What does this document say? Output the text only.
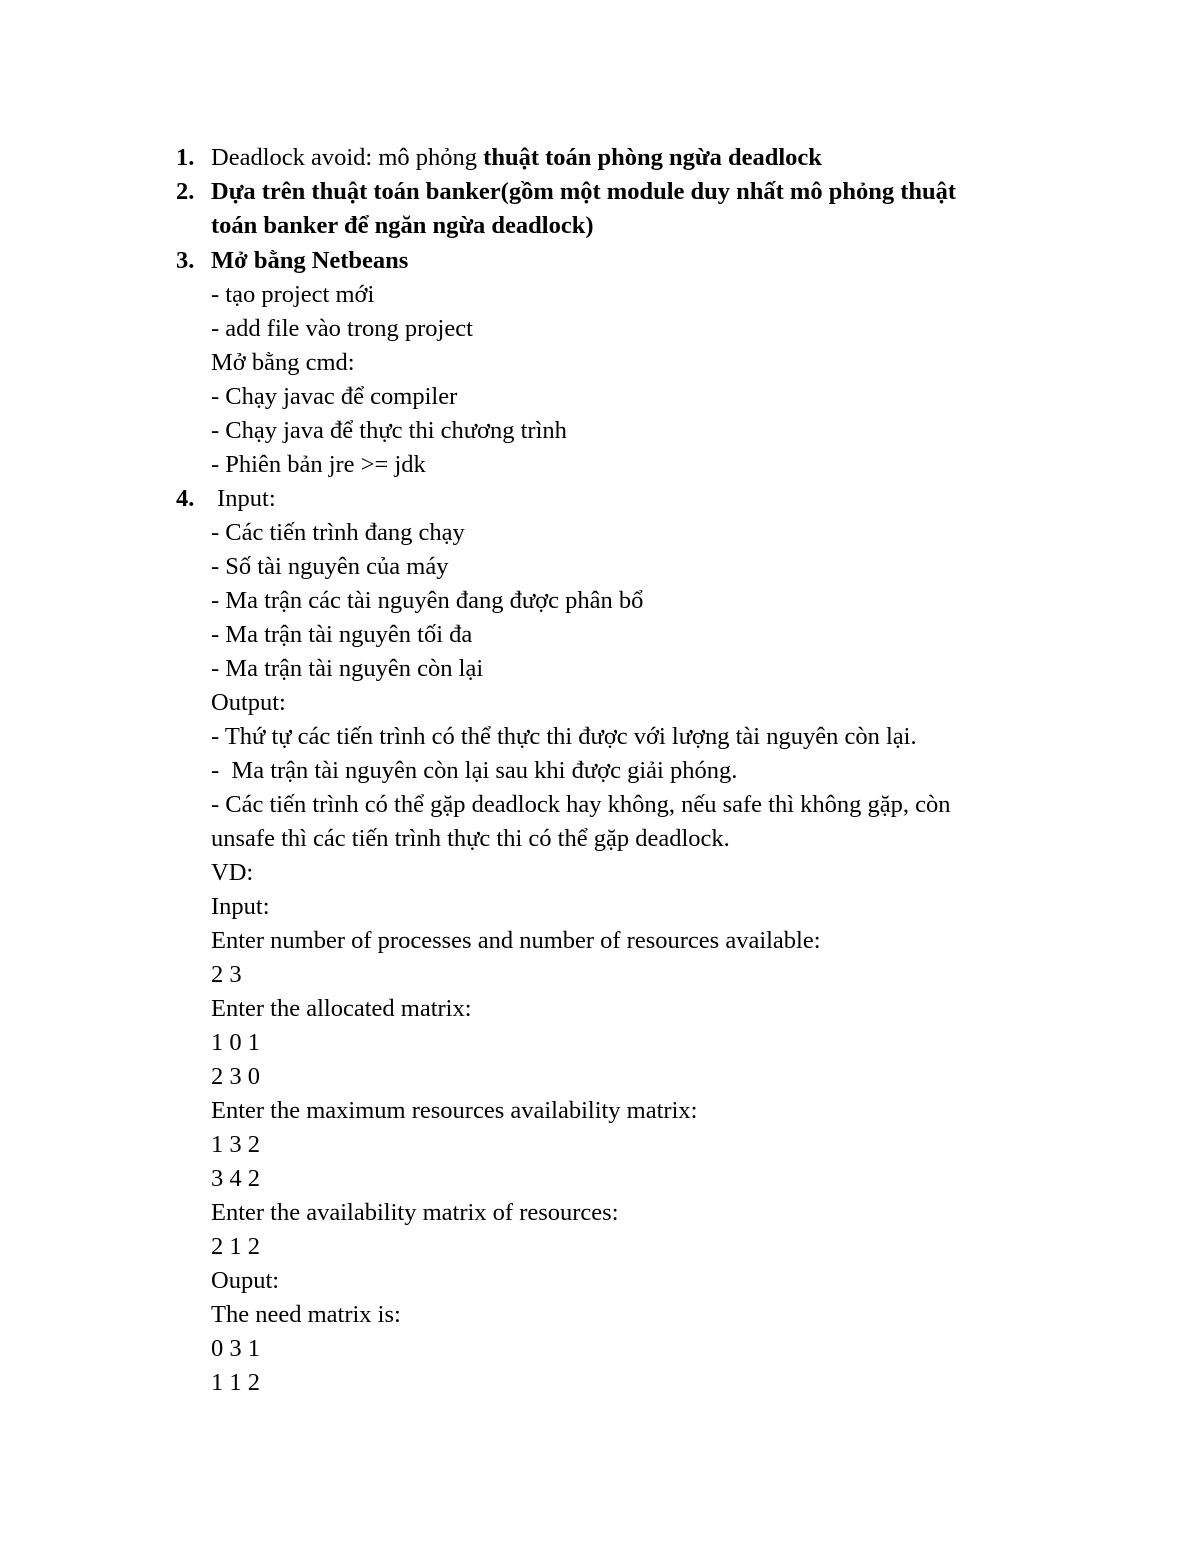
1. Deadlock avoid: mô phỏng thuật toán phòng ngừa deadlock
2. Dựa trên thuật toán banker(gồm một module duy nhất mô phỏng thuật
toán banker để ngăn ngừa deadlock)
3. Mở bằng Netbeans
- tạo project mới
- add file vào trong project
Mở bằng cmd:
- Chạy javac để compiler
- Chạy java để thực thi chương trình
- Phiên bản jre >= jdk
4. Input:
- Các tiến trình đang chạy
- Số tài nguyên của máy
- Ma trận các tài nguyên đang được phân bổ
- Ma trận tài nguyên tối đa
- Ma trận tài nguyên còn lại
Output:
- Thứ tự các tiến trình có thể thực thi được với lượng tài nguyên còn lại.
-  Ma trận tài nguyên còn lại sau khi được giải phóng.
- Các tiến trình có thể gặp deadlock hay không, nếu safe thì không gặp, còn
unsafe thì các tiến trình thực thi có thể gặp deadlock.
VD:
Input:
Enter number of processes and number of resources available:
2 3
Enter the allocated matrix:
1 0 1
2 3 0
Enter the maximum resources availability matrix:
1 3 2
3 4 2
Enter the availability matrix of resources:
2 1 2
Ouput:
The need matrix is:
0 3 1
1 1 2
